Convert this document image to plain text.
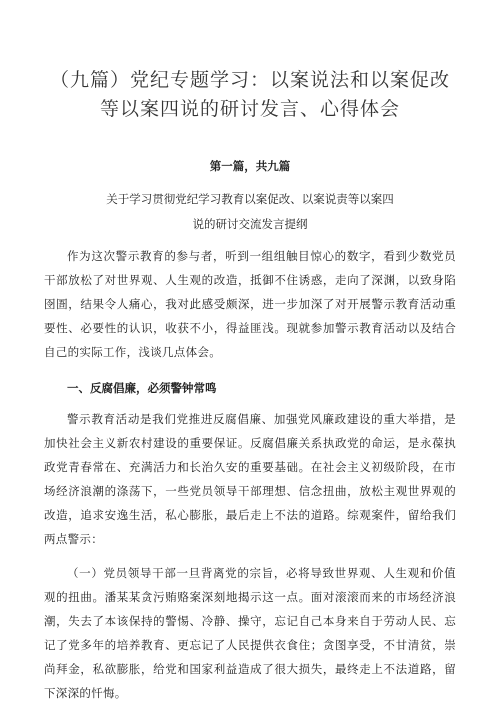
（九篇）党纪专题学习：以案说法和以案促改等以案四说的研讨发言、心得体会
第一篇，共九篇
关于学习贯彻党纪学习教育以案促改、以案说责等以案四
说的研讨交流发言提纲

作为这次警示教育的参与者，听到一组组触目惊心的数字，看到少数党员干部放松了对世界观、人生观的改造，抵御不住诱惑，走向了深渊，以致身陷囹圄，结果令人痛心，我对此感受颇深，进一步加深了对开展警示教育活动重要性、必要性的认识，收获不小，得益匪浅。现就参加警示教育活动以及结合自己的实际工作，浅谈几点体会。

一、反腐倡廉，必须警钟常鸣

警示教育活动是我们党推进反腐倡廉、加强党风廉政建设的重大举措，是加快社会主义新农村建设的重要保证。反腐倡廉关系执政党的命运，是永葆执政党青春常在、充满活力和长治久安的重要基础。在社会主义初级阶段，在市场经济浪潮的涤荡下，一些党员领导干部理想、信念扭曲，放松主观世界观的改造，追求安逸生活，私心膨胀，最后走上不法的道路。综观案件，留给我们两点警示：

（一）党员领导干部一旦背离党的宗旨，必将导致世界观、人生观和价值观的扭曲。潘某某贪污贿赂案深刻地揭示这一点。面对滚滚而来的市场经济浪潮，失去了本该保持的警惕、冷静、操守，忘记自己本身来自于劳动人民、忘记了党多年的培养教育、更忘记了人民提供衣食住；贪图享受，不甘清贫，崇尚拜金，私欲膨胀，给党和国家利益造成了很大损失，最终走上不法道路，留下深深的忏悔。
